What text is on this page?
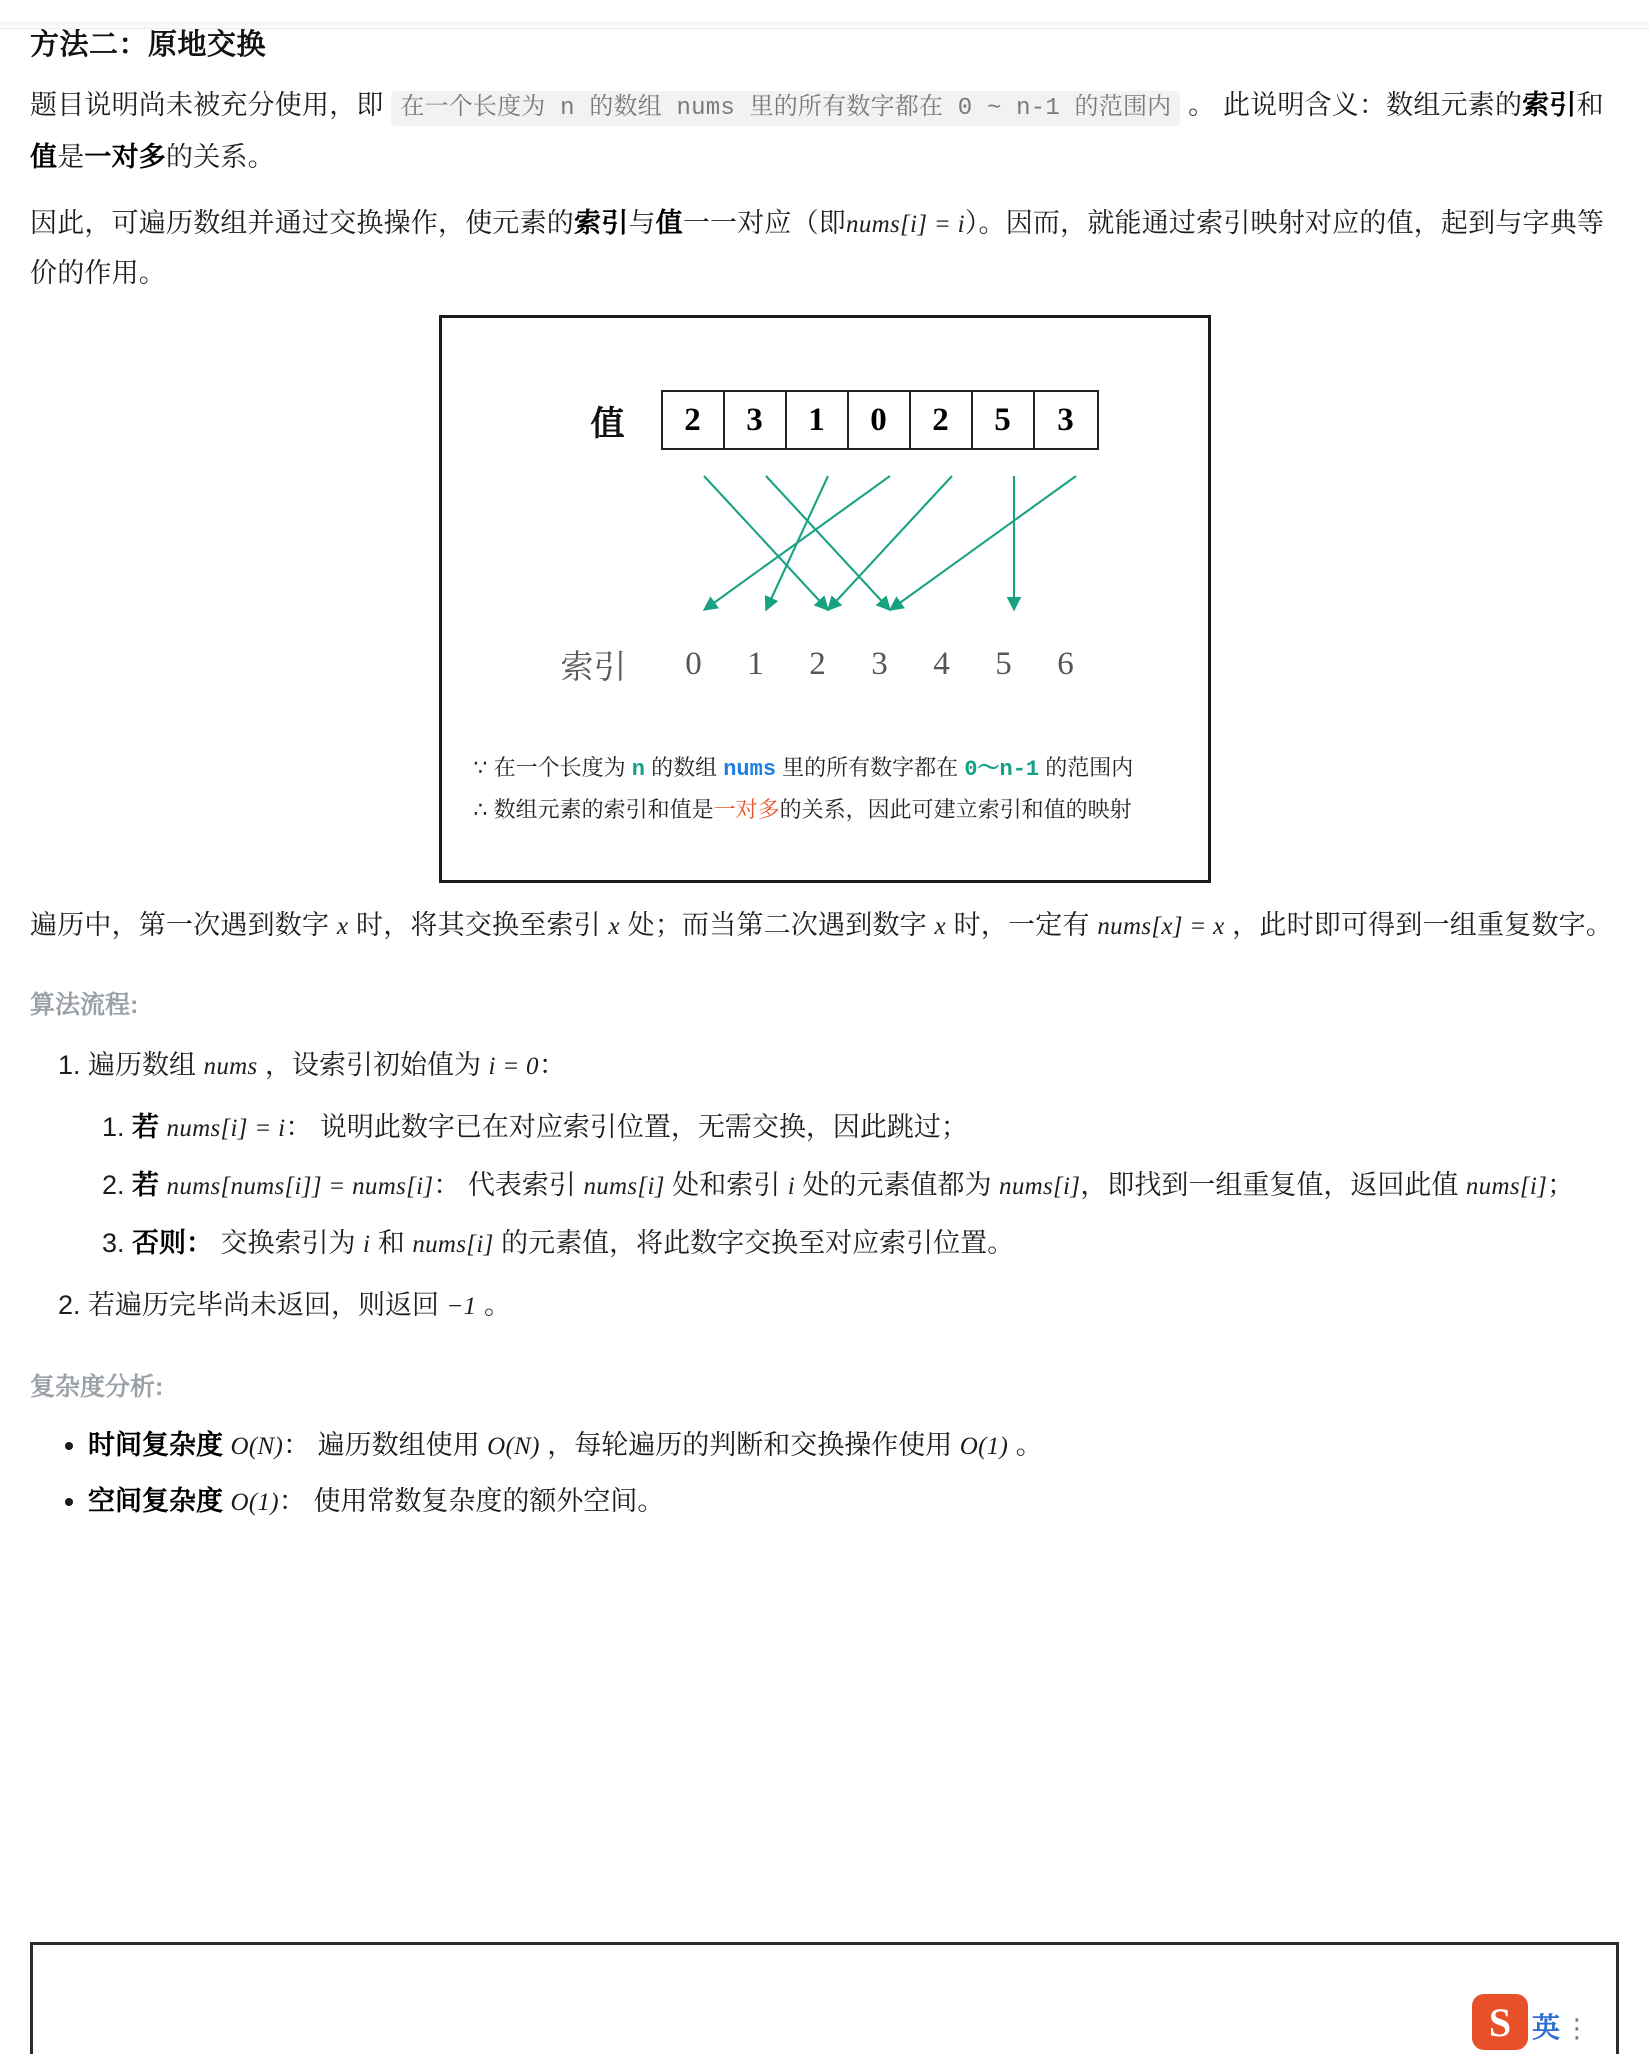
方法二：原地交换

题目说明尚未被充分使用，即 在一个长度为 n 的数组 nums 里的所有数字都在 0 ~ n-1 的范围内 。 此说明含义：数组元素的索引和值是一对多的关系。

因此，可遍历数组并通过交换操作，使元素的索引与值一一对应（即nums[i] = i）。因而，就能通过索引映射对应的值，起到与字典等价的作用。

值	2	3	1	0	2	5	3
索引	0	1	2	3	4	5	6
∵ 在一个长度为 n 的数组 nums 里的所有数字都在 0～n-1 的范围内
∴ 数组元素的索引和值是一对多的关系，因此可建立索引和值的映射

遍历中，第一次遇到数字 x 时，将其交换至索引 x 处；而当第二次遇到数字 x 时，一定有 nums[x] = x ，此时即可得到一组重复数字。

算法流程:
1. 遍历数组 nums ，设索引初始值为 i = 0：
1. 若 nums[i] = i： 说明此数字已在对应索引位置，无需交换，因此跳过；
2. 若 nums[nums[i]] = nums[i]： 代表索引 nums[i] 处和索引 i 处的元素值都为 nums[i]，即找到一组重复值，返回此值 nums[i]；
3. 否则： 交换索引为 i 和 nums[i] 的元素值，将此数字交换至对应索引位置。
2. 若遍历完毕尚未返回，则返回 −1 。
复杂度分析:
• 时间复杂度 O(N)： 遍历数组使用 O(N) ，每轮遍历的判断和交换操作使用 O(1) 。
• 空间复杂度 O(1)： 使用常数复杂度的额外空间。
S 英 ⋮
